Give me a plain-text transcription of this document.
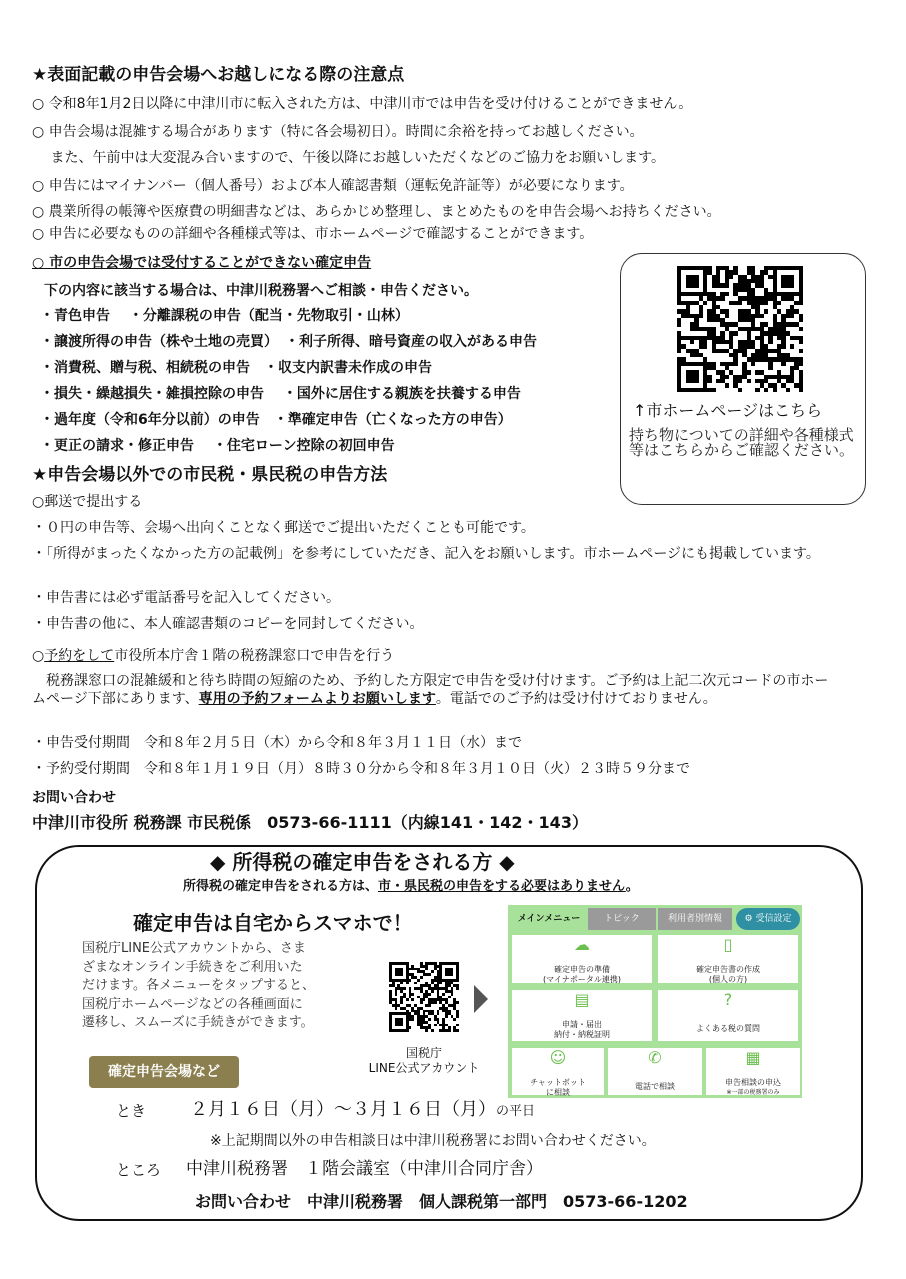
★表面記載の申告会場へお越しになる際の注意点
○ 令和8年1月2日以降に中津川市に転入された方は、中津川市では申告を受け付けることができません。
○ 申告会場は混雑する場合があります（特に各会場初日）。時間に余裕を持ってお越しください。
　 また、午前中は大変混み合いますので、午後以降にお越しいただくなどのご協力をお願いします。
○ 申告にはマイナンバー（個人番号）および本人確認書類（運転免許証等）が必要になります。
○ 農業所得の帳簿や医療費の明細書などは、あらかじめ整理し、まとめたものを申告会場へお持ちください。
○ 申告に必要なものの詳細や各種様式等は、市ホームページで確認することができます。
○ 市の申告会場では受付することができない確定申告
下の内容に該当する場合は、中津川税務署へご相談・申告ください。
・青色申告　 ・分離課税の申告（配当・先物取引・山林）
・譲渡所得の申告（株や土地の売買）　・利子所得、暗号資産の収入がある申告
・消費税、贈与税、相続税の申告　・収支内訳書未作成の申告
・損失・繰越損失・雑損控除の申告　 ・国外に居住する親族を扶養する申告
・過年度（令和6年分以前）の申告　・準確定申告（亡くなった方の申告）
・更正の請求・修正申告　 ・住宅ローン控除の初回申告
↑市ホームページはこちら
持ち物についての詳細や各種様式等はこちらからご確認ください。
★申告会場以外での市民税・県民税の申告方法
○郵送で提出する
・０円の申告等、会場へ出向くことなく郵送でご提出いただくことも可能です。
・「所得がまったくなかった方の記載例」を参考にしていただき、記入をお願いします。市ホームページにも掲載しています。
・申告書には必ず電話番号を記入してください。
・申告書の他に、本人確認書類のコピーを同封してください。
○予約をして市役所本庁舎１階の税務課窓口で申告を行う
　税務課窓口の混雑緩和と待ち時間の短縮のため、予約した方限定で申告を受け付けます。ご予約は上記二次元コードの市ホームページ下部にあります、専用の予約フォームよりお願いします。電話でのご予約は受け付けておりません。
・申告受付期間　令和８年２月５日（木）から令和８年３月１１日（水）まで
・予約受付期間　令和８年１月１９日（月）８時３０分から令和８年３月１０日（火）２３時５９分まで
お問い合わせ
中津川市役所 税務課 市民税係　0573-66-1111（内線141・142・143）
◆ 所得税の確定申告をされる方 ◆
所得税の確定申告をされる方は、市・県民税の申告をする必要はありません。
確定申告は自宅からスマホで！
国税庁LINE公式アカウントから、さま
ざまなオンライン手続きをご利用いた
だけます。各メニューをタップすると、
国税庁ホームページなどの各種画面に
遷移し、スムーズに手続きができます。
国税庁
LINE公式アカウント
メインメニュー	トピック	利用者別情報	⚙ 受信設定
☁
確定申告の準備
(マイナポータル連携)
▯
確定申告書の作成
(個人の方)
▤
申請・届出
納付・納税証明
?
よくある税の質問
☺
チャットボット
に相談
✆
電話で相談
▦
申告相談の申込
※一部の税務署のみ
確定申告会場など
とき ２月１６日（月）～３月１６日（月）の平日
※上記期間以外の申告相談日は中津川税務署にお問い合わせください。
ところ 中津川税務署　１階会議室（中津川合同庁舎）
お問い合わせ　中津川税務署　個人課税第一部門　0573-66-1202
